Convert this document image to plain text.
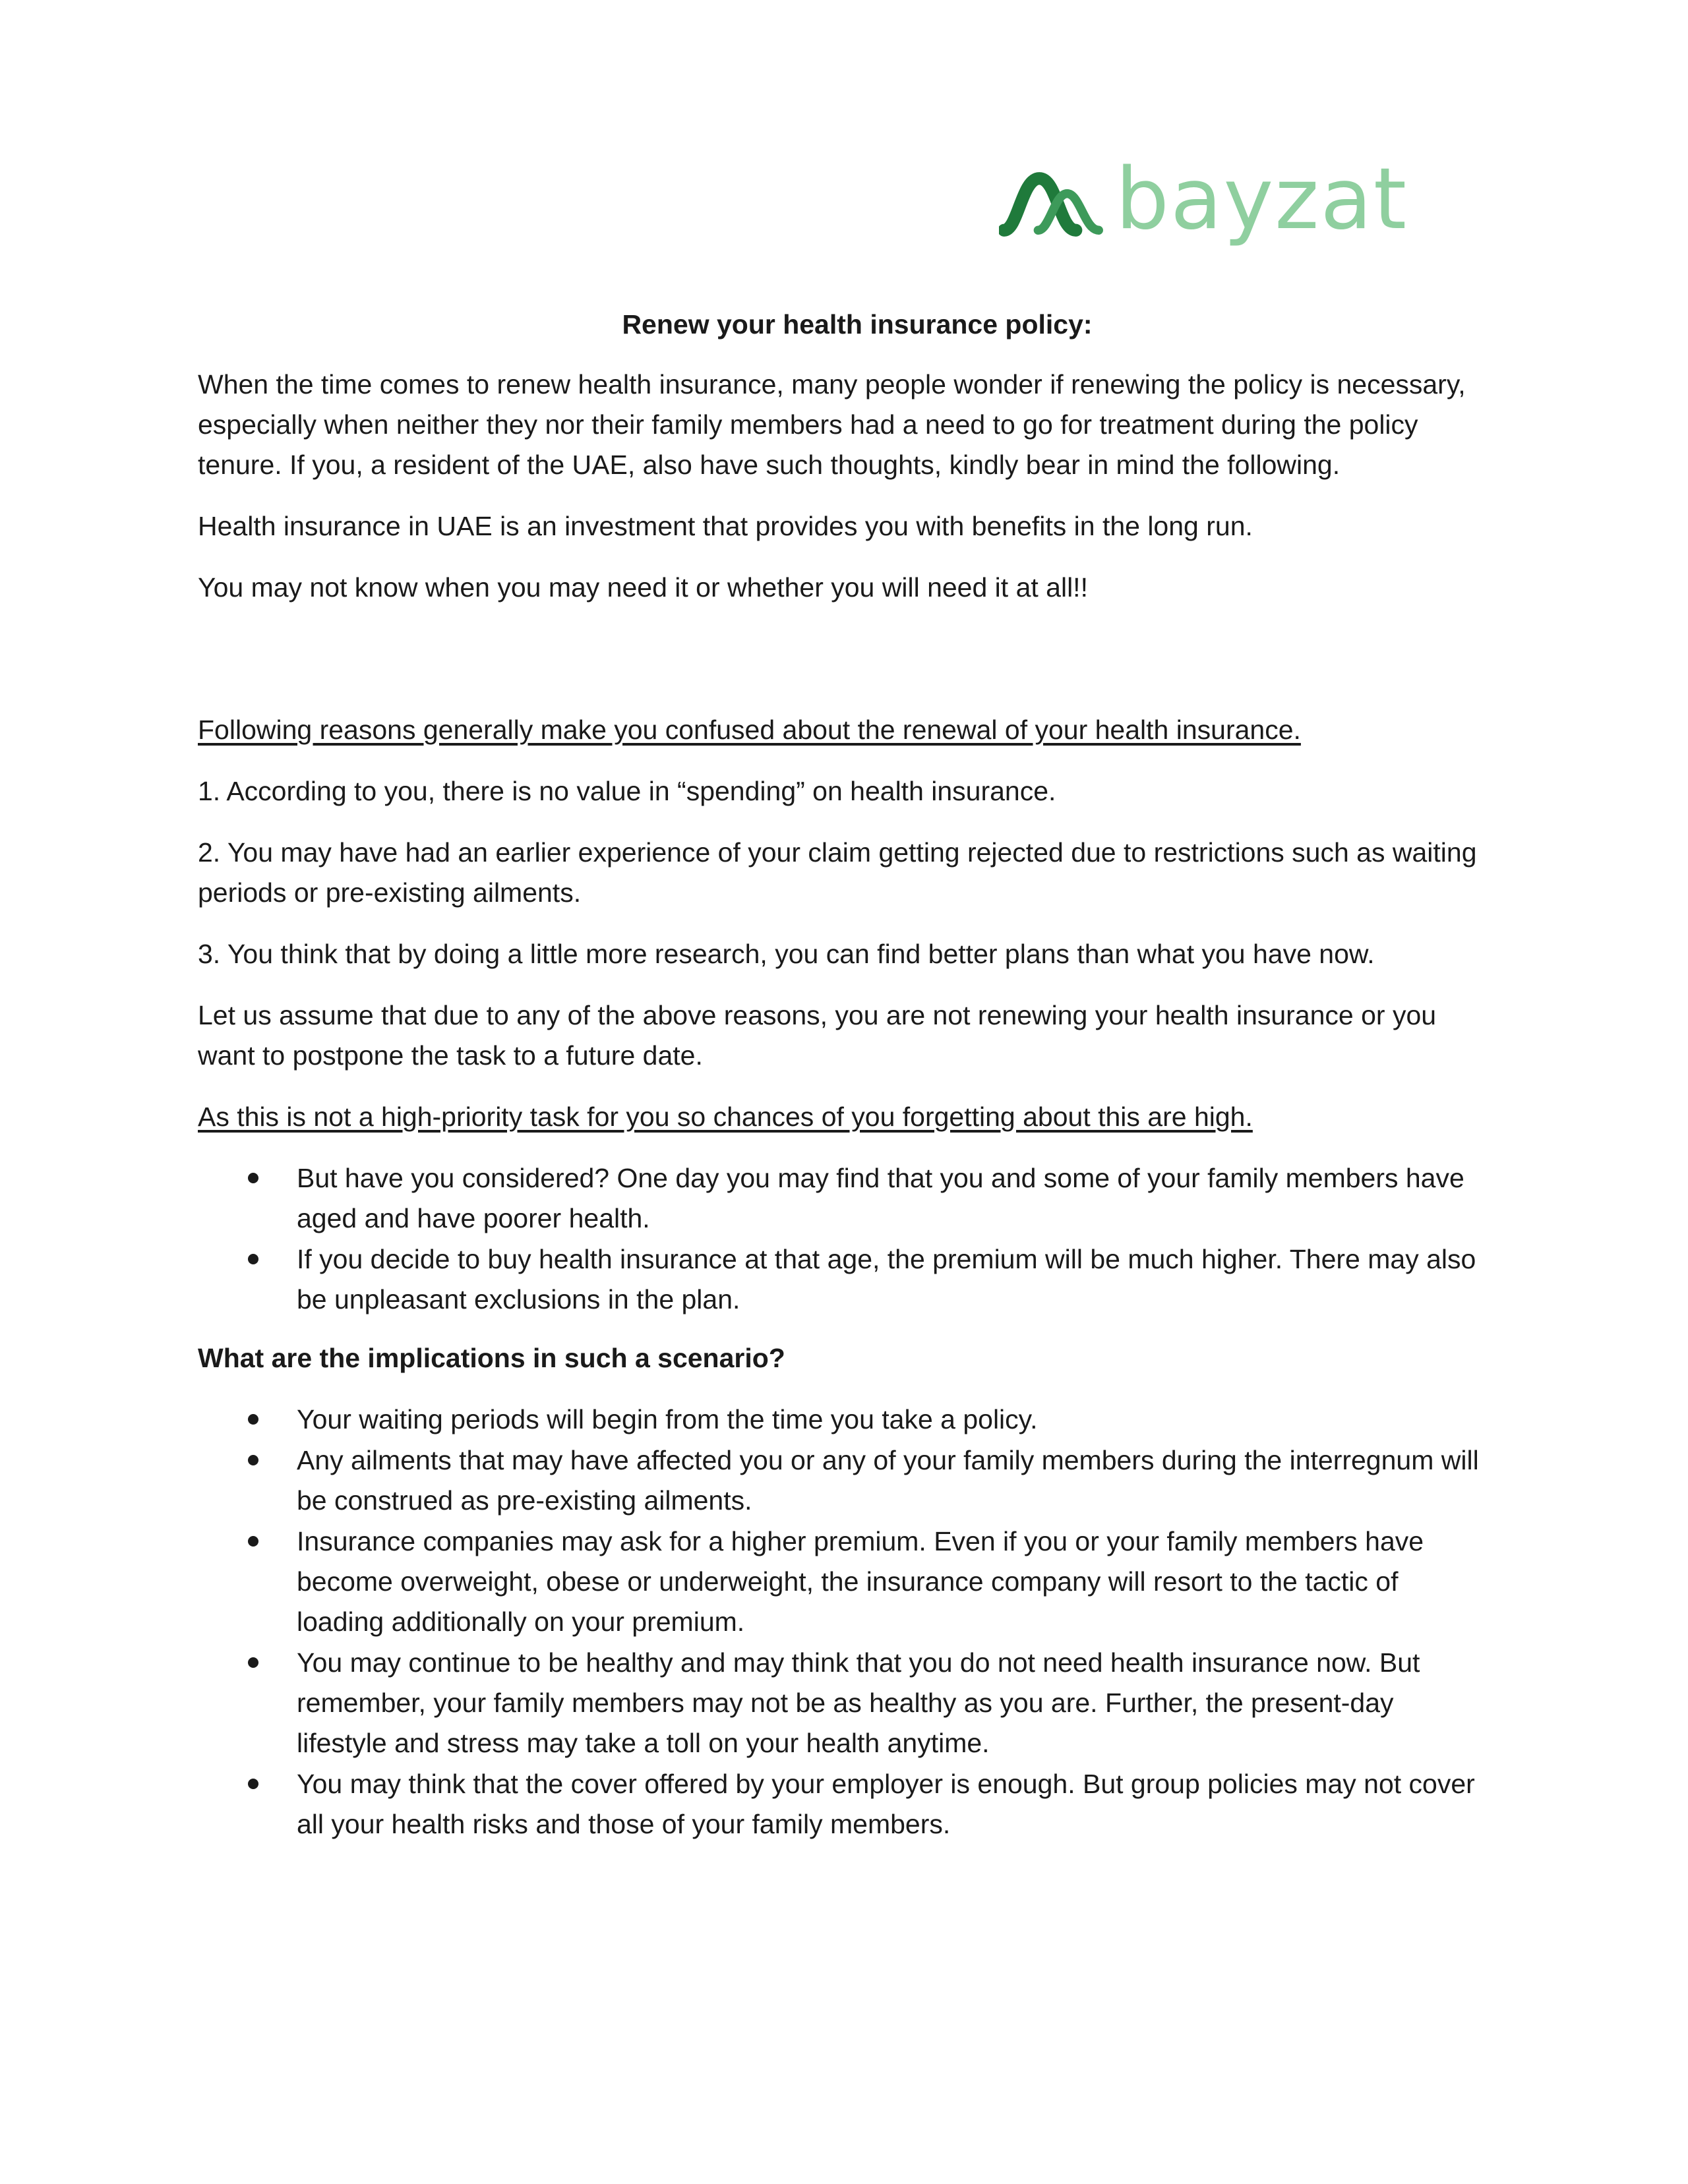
bayzat
Renew your health insurance policy:

When the time comes to renew health insurance, many people wonder if renewing the policy is necessary, especially when neither they nor their family members had a need to go for treatment during the policy tenure. If you, a resident of the UAE, also have such thoughts, kindly bear in mind the following.

Health insurance in UAE is an investment that provides you with benefits in the long run.

You may not know when you may need it or whether you will need it at all!!

Following reasons generally make you confused about the renewal of your health insurance.

1. According to you, there is no value in “spending” on health insurance.

2. You may have had an earlier experience of your claim getting rejected due to restrictions such as waiting periods or pre-existing ailments.

3. You think that by doing a little more research, you can find better plans than what you have now.

Let us assume that due to any of the above reasons, you are not renewing your health insurance or you want to postpone the task to a future date.

As this is not a high-priority task for you so chances of you forgetting about this are high.

But have you considered? One day you may find that you and some of your family members have aged and have poorer health.
If you decide to buy health insurance at that age, the premium will be much higher. There may also be unpleasant exclusions in the plan.

What are the implications in such a scenario?

Your waiting periods will begin from the time you take a policy.
Any ailments that may have affected you or any of your family members during the interregnum will be construed as pre-existing ailments.
Insurance companies may ask for a higher premium. Even if you or your family members have become overweight, obese or underweight, the insurance company will resort to the tactic of loading additionally on your premium.
You may continue to be healthy and may think that you do not need health insurance now. But remember, your family members may not be as healthy as you are. Further, the present-day lifestyle and stress may take a toll on your health anytime.
You may think that the cover offered by your employer is enough. But group policies may not cover all your health risks and those of your family members.
